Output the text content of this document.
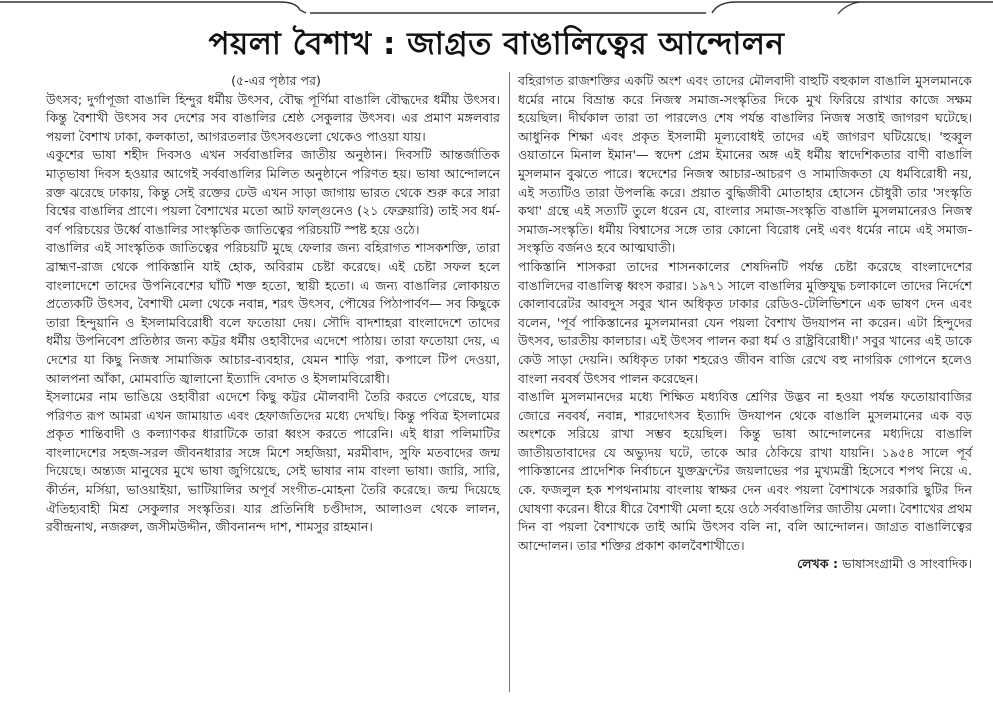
পয়লা বৈশাখ : জাগ্রত বাঙালিত্বের আন্দোলন

(৫-এর পৃষ্ঠার পর)

উৎসব; দুর্গাপূজা বাঙালি হিন্দুর ধর্মীয় উৎসব, বৌদ্ধ পূর্ণিমা বাঙালি বৌদ্ধদের ধর্মীয় উৎসব। কিন্তু বৈশাখী উৎসব সব দেশের সব বাঙালির শ্রেষ্ঠ সেকুলার উৎসব। এর প্রমাণ মঙ্গলবার পয়লা বৈশাখ ঢাকা, কলকাতা, আগরতলার উৎসবগুলো থেকেও পাওয়া যায়।

একুশের ভাষা শহীদ দিবসও এখন সর্ববাঙালির জাতীয় অনুষ্ঠান। দিবসটি আন্তর্জাতিক মাতৃভাষা দিবস হওয়ার আগেই সর্ববাঙালির মিলিত অনুষ্ঠানে পরিণত হয়। ভাষা আন্দোলনে রক্ত ঝরেছে ঢাকায়, কিন্তু সেই রক্তের ঢেউ এখন সাড়া জাগায় ভারত থেকে শুরু করে সারা বিশ্বের বাঙালির প্রাণে। পয়লা বৈশাখের মতো আট ফাল্গুনেও (২১ ফেব্রুয়ারি) তাই সব ধর্ম-বর্ণ পরিচয়ের উর্ধ্বে বাঙালির সাংস্কৃতিক জাতিত্বের পরিচয়টি স্পষ্ট হয়ে ওঠে।

বাঙালির এই সাংস্কৃতিক জাতিত্বের পরিচয়টি মুছে ফেলার জন্য বহিরাগত শাসকশক্তি, তারা ব্রাহ্মণ-রাজ থেকে পাকিস্তানি যাই হোক, অবিরাম চেষ্টা করেছে। এই চেষ্টা সফল হলে বাংলাদেশে তাদের উপনিবেশের ঘাঁটি শক্ত হতো, স্থায়ী হতো। এ জন্য বাঙালির লোকায়ত প্রত্যেকটি উৎসব, বৈশাখী মেলা থেকে নবান্ন, শরৎ উৎসব, পৌষের পিঠাপার্বণ— সব কিছুকে তারা হিন্দুয়ানি ও ইসলামবিরোধী বলে ফতোয়া দেয়। সৌদি বাদশাহরা বাংলাদেশে তাদের ধর্মীয় উপনিবেশ প্রতিষ্ঠার জন্য কট্টর ধর্মীয় ওহাবীদের এদেশে পাঠায়। তারা ফতোয়া দেয়, এ দেশের যা কিছু নিজস্ব সামাজিক আচার-ব্যবহার, যেমন শাড়ি পরা, কপালে টিপ দেওয়া, আলপনা আঁকা, মোমবাতি জ্বালানো ইত্যাদি বেদাত ও ইসলামবিরোধী।

ইসলামের নাম ভাঙিয়ে ওহাবীরা এদেশে কিছু কট্টর মৌলবাদী তৈরি করতে পেরেছে, যার পরিণত রূপ আমরা এখন জামায়াত এবং হেফাজতিদের মধ্যে দেখছি। কিন্তু পবিত্র ইসলামের প্রকৃত শান্তিবাদী ও কল্যাণকর ধারাটিকে তারা ধ্বংস করতে পারেনি। এই ধারা পলিমাটির বাংলাদেশের সহজ-সরল জীবনধারার সঙ্গে মিশে সহজিয়া, মরমীবাদ, সুফি মতবাদের জন্ম দিয়েছে। অন্ত্যজ মানুষের মুখে ভাষা জুগিয়েছে, সেই ভাষার নাম বাংলা ভাষা। জারি, সারি, কীর্তন, মর্সিয়া, ভাওয়াইয়া, ভাটিয়ালির অপূর্ব সংগীত-মোহনা তৈরি করেছে। জন্ম দিয়েছে ঐতিহ্যবাহী মিশ্র সেকুলার সংস্কৃতির। যার প্রতিনিধি চণ্ডীদাস, আলাওল থেকে লালন, রবীন্দ্রনাথ, নজরুল, জসীমউদ্দীন, জীবনানন্দ দাশ, শামসুর রাহমান।

বহিরাগত রাজশক্তির একটি অংশ এবং তাদের মৌলবাদী বাহুটি বহুকাল বাঙালি মুসলমানকে ধর্মের নামে বিভ্রান্ত করে নিজস্ব সমাজ-সংস্কৃতির দিকে মুখ ফিরিয়ে রাখার কাজে সক্ষম হয়েছিল। দীর্ঘকাল তারা তা পারলেও শেষ পর্যন্ত বাঙালির নিজস্ব সত্তাই জাগরণ ঘটেছে। আধুনিক শিক্ষা এবং প্রকৃত ইসলামী মূল্যবোধই তাদের এই জাগরণ ঘটিয়েছে। 'হুব্বুল ওয়াতানে মিনাল ইমান'— স্বদেশ প্রেম ইমানের অঙ্গ এই ধর্মীয় স্বাদেশিকতার বাণী বাঙালি মুসলমান বুঝতে পারে। স্বদেশের নিজস্ব আচার-আচরণ ও সামাজিকতা যে ধর্মবিরোধী নয়, এই সত্যটিও তারা উপলব্ধি করে। প্রয়াত বুদ্ধিজীবী মোতাহার হোসেন চৌধুরী তার 'সংস্কৃতি কথা' গ্রন্থে এই সত্যটি তুলে ধরেন যে, বাংলার সমাজ-সংস্কৃতি বাঙালি মুসলমানেরও নিজস্ব সমাজ-সংস্কৃতি। ধর্মীয় বিশ্বাসের সঙ্গে তার কোনো বিরোধ নেই এবং ধর্মের নামে এই সমাজ-সংস্কৃতি বর্জনও হবে আত্মঘাতী।

পাকিস্তানি শাসকরা তাদের শাসনকালের শেষদিনটি পর্যন্ত চেষ্টা করেছে বাংলাদেশের বাঙালিদের বাঙালিত্ব ধ্বংস করার। ১৯৭১ সালে বাঙালির মুক্তিযুদ্ধ চলাকালে তাদের নির্দেশে কোলাবরেটর আবদুস সবুর খান অধিকৃত ঢাকার রেডিও-টেলিভিশনে এক ভাষণ দেন এবং বলেন, 'পূর্ব পাকিস্তানের মুসলমানরা যেন পয়লা বৈশাখ উদযাপন না করেন। এটা হিন্দুদের উৎসব, ভারতীয় কালচার। এই উৎসব পালন করা ধর্ম ও রাষ্ট্রবিরোধী।' সবুর খানের এই ডাকে কেউ সাড়া দেয়নি। অধিকৃত ঢাকা শহরেও জীবন বাজি রেখে বহু নাগরিক গোপনে হলেও বাংলা নববর্ষ উৎসব পালন করেছেন।

বাঙালি মুসলমানদের মধ্যে শিক্ষিত মধ্যবিত্ত শ্রেণির উদ্ভব না হওয়া পর্যন্ত ফতোয়াবাজির জোরে নববর্ষ, নবান্ন, শারদোৎসব ইত্যাদি উদযাপন থেকে বাঙালি মুসলমানের এক বড় অংশকে সরিয়ে রাখা সম্ভব হয়েছিল। কিন্তু ভাষা আন্দোলনের মধ্যদিয়ে বাঙালি জাতীয়তাবাদের যে অভ্যুদয় ঘটে, তাকে আর ঠেকিয়ে রাখা যায়নি। ১৯৫৪ সালে পূর্ব পাকিস্তানের প্রাদেশিক নির্বাচনে যুক্তফ্রন্টের জয়লাভের পর মুখ্যমন্ত্রী হিসেবে শপথ নিয়ে এ. কে. ফজলুল হক শপথনামায় বাংলায় স্বাক্ষর দেন এবং পয়লা বৈশাখকে সরকারি ছুটির দিন ঘোষণা করেন। ধীরে ধীরে বৈশাখী মেলা হয়ে ওঠে সর্ববাঙালির জাতীয় মেলা। বৈশাখের প্রথম দিন বা পয়লা বৈশাখকে তাই আমি উৎসব বলি না, বলি আন্দোলন। জাগ্রত বাঙালিত্বের আন্দোলন। তার শক্তির প্রকাশ কালবৈশাখীতে।

লেখক : ভাষাসংগ্রামী ও সাংবাদিক।
